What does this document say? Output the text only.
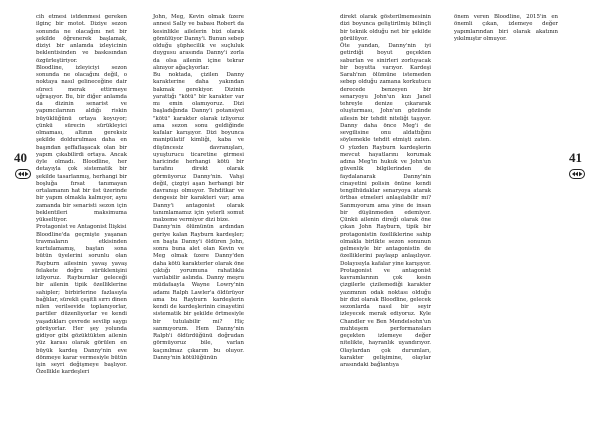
cih etmesi istdenmesi gereken ilginç bir motot. Diziye sezon sonunda ne olacağını net bir şekilde öğrenerek başlamak, diziyi bir anlamda izleyicinin beklentisinden ve baskısından özgürleştiriyor.

Bloodline, izleyiciyi sezon sonunda ne olacağını değil, o noktaya nasıl gelineceğine dair süreci merak ettirmeye uğraşıyor. Bu, bir diğer anlamda da dizinin senarist ve yapımcılarının aldığı riskin büyüklüğünü ortaya koyuyor; çünkü sürecin sürükleyici olmaması, altının gereksiz şekilde doldurulması daha en başından şeffaflaşacak olan bir yapım çıkabilirdi ortaya. Ancak öyle olmadı. Bloodline, her detayıyla çok sistematik bir şekilde tasarlanmış, herhangi bir boşluğa fırsat tanımayan ortalamanın hat bir üst üzerinde bir yapım olmakla kalmıyor, aynı zamanda bir senaristi sezon için beklentileri maksimuma yükseltiyor.

Protagonist ve Antagonist İlişkisi

Bloodline'da geçmişte yaşanan travmaların etkisinden kurtulamamış, baştan sona bütün üyelerini sorunlu olan Rayburn ailesinin yavaş yavaş felakete doğru sürüklenişini izliyoruz. Rayburnlar geleceği bir ailenin tipik özelliklerine sahipler; birbirlerine fazlasıyla bağlılar, sürekli çeşitli sırrı dinen nilen verilsevide toplanıyorlar, partiler düzenliyorlar ve kendi yaşadıkları çevrede sevilip saygı görüyorlar. Her şey yolunda gidiyor gibi gözüktükten ailenin yüz karası olarak görülen en büyük kardeş Danny'nin eve dönmeye karar vermesiyle bütün işin seyri değişmeye başlıyor. Özellikle kardeşleri

John, Meg, Kevin olmak üzere annesi Sally ve babası Robert da kesinlikle ailelerin bizi olarak gömülüyor Danny'i. Bunun sebep olduğu şüphecilik ve suçluluk duygusu arasında Danny'i zorla da olsa ailenin içine tekrar alınıyor ağaçlıyorlar.

Bu noktada, çizilen Danny karakterine daha yakından bakmak gerekiyor. Dizinin yarattığı "kötü" bir karakter var mı emin olamıyoruz. Dizi başladığında Danny'i potansiyel "kötü" karakter olarak izliyoruz ama sezon sonu geldiğinde kafalar karışıyor. Dizi boyunca manipülatif kimliği, kaba ve düşüncesiz davranışları, uyuşturucu ticaretine girmesi haricinde herhangi kötü bir tarafını direkt olarak görmüyoruz Danny'nin. Vahşi değil, çizgiyi aşan herhangi bir davranışı olmuyor. Tehditkar ve dengesiz bir karakteri var; ama Danny'i antagonist olarak tanımlamamız için yeterli somut malzeme vermiyor dizi bize.

Danny'nin ölümünün ardından geriye kalan Rayburn kardeşler; en başta Danny'i öldüren John, sonra buna alet olan Kevin ve Meg olmak üzere Danny'den daha kötü karakterler olarak öne çıktığı yorumuna rahatlıkla varılabilir aslında. Danny meşru müdafaayla Wayne Lowry'nin adamı Ralph Lawler'a öldürüyor ama bu Rayburn kardeşlerin kendi de kardeşlerinin cinayetini sistematik bir şekilde örtmesiyle bir tutulabilir mi? Hiç sanmıyorum. Hem Danny'nin Ralph'i öldürdüğünü doğrudan görmüyoruz bile, varlan kaçınılmaz çıkarım bu oluyor. Danny'nin kötülüğünün

direkt olarak gösterilmemesinin dizi boyunca geliştirilmiş bilinçli bir teknik olduğu net bir şekilde görülüyor.

Öte yandan, Danny'nin iyi getirdiği boyut geçekten saburlan ve sinirleri zorluyacak bir boyutta varıyor. Kardeşi Sarah'nın ölümüne istemeden sebep olduğu zamana korkutucu derecede benzeyen bir senaryoyu John'un kızı Janel tehreyle denize çıkararak oluşturması, John'un gözünde ailesin bir tehdit niteliği taşıyor. Danny daha önce Meg'i de sevgilisine onu aldattığını söylemekle tehdit etmişti zaten. O yüzden Rayburn kardeşlerin mevcut hayatlarını korumak adına Meg'in hukuk ve John'un güvenlik bilgilerinden de faydalanarak Danny'nin cinayetini polisin önüne kendi tengilhüdaklar senaryoya atarak örtbas etmeleri anlaşılabilir mi? Sanmıyorum ama yine de insan bir düşünmeden edemiyor. Çünkü ailenin direği olarak öne çıkan John Rayburn, tipik bir protagonistin özelliklerine sahip olmakla birlikte sezon sonunun gelmesiyle bir antagonistin de özelliklerini paylaşıp anlaşılıyor. Dolayısıyla kafalar yine karışıyor.

Protagonist ve antagonist kavramlarının çok kesin çizgilerle çizilemediği karakter yazımının odak noktası olduğu bir dizi olarak Bloodline, gelecek sezonlarda nasıl bir seyir izleyecek merak ediyoruz. Kyle Chandler ve Ben Mendelsohn'un muhteşem performansları geçekten izlemeye değer nitelikte, hayranlık uyandırıyor. Olaylardan çok durumları, karakter gelişimine, olaylar arasındaki bağlantıya

önem veren Bloodline, 2015'in en önemli çıkan, izlemeye değer yapımlarından biri olarak akatının yıkılmıştır olmuyor.

40	41
